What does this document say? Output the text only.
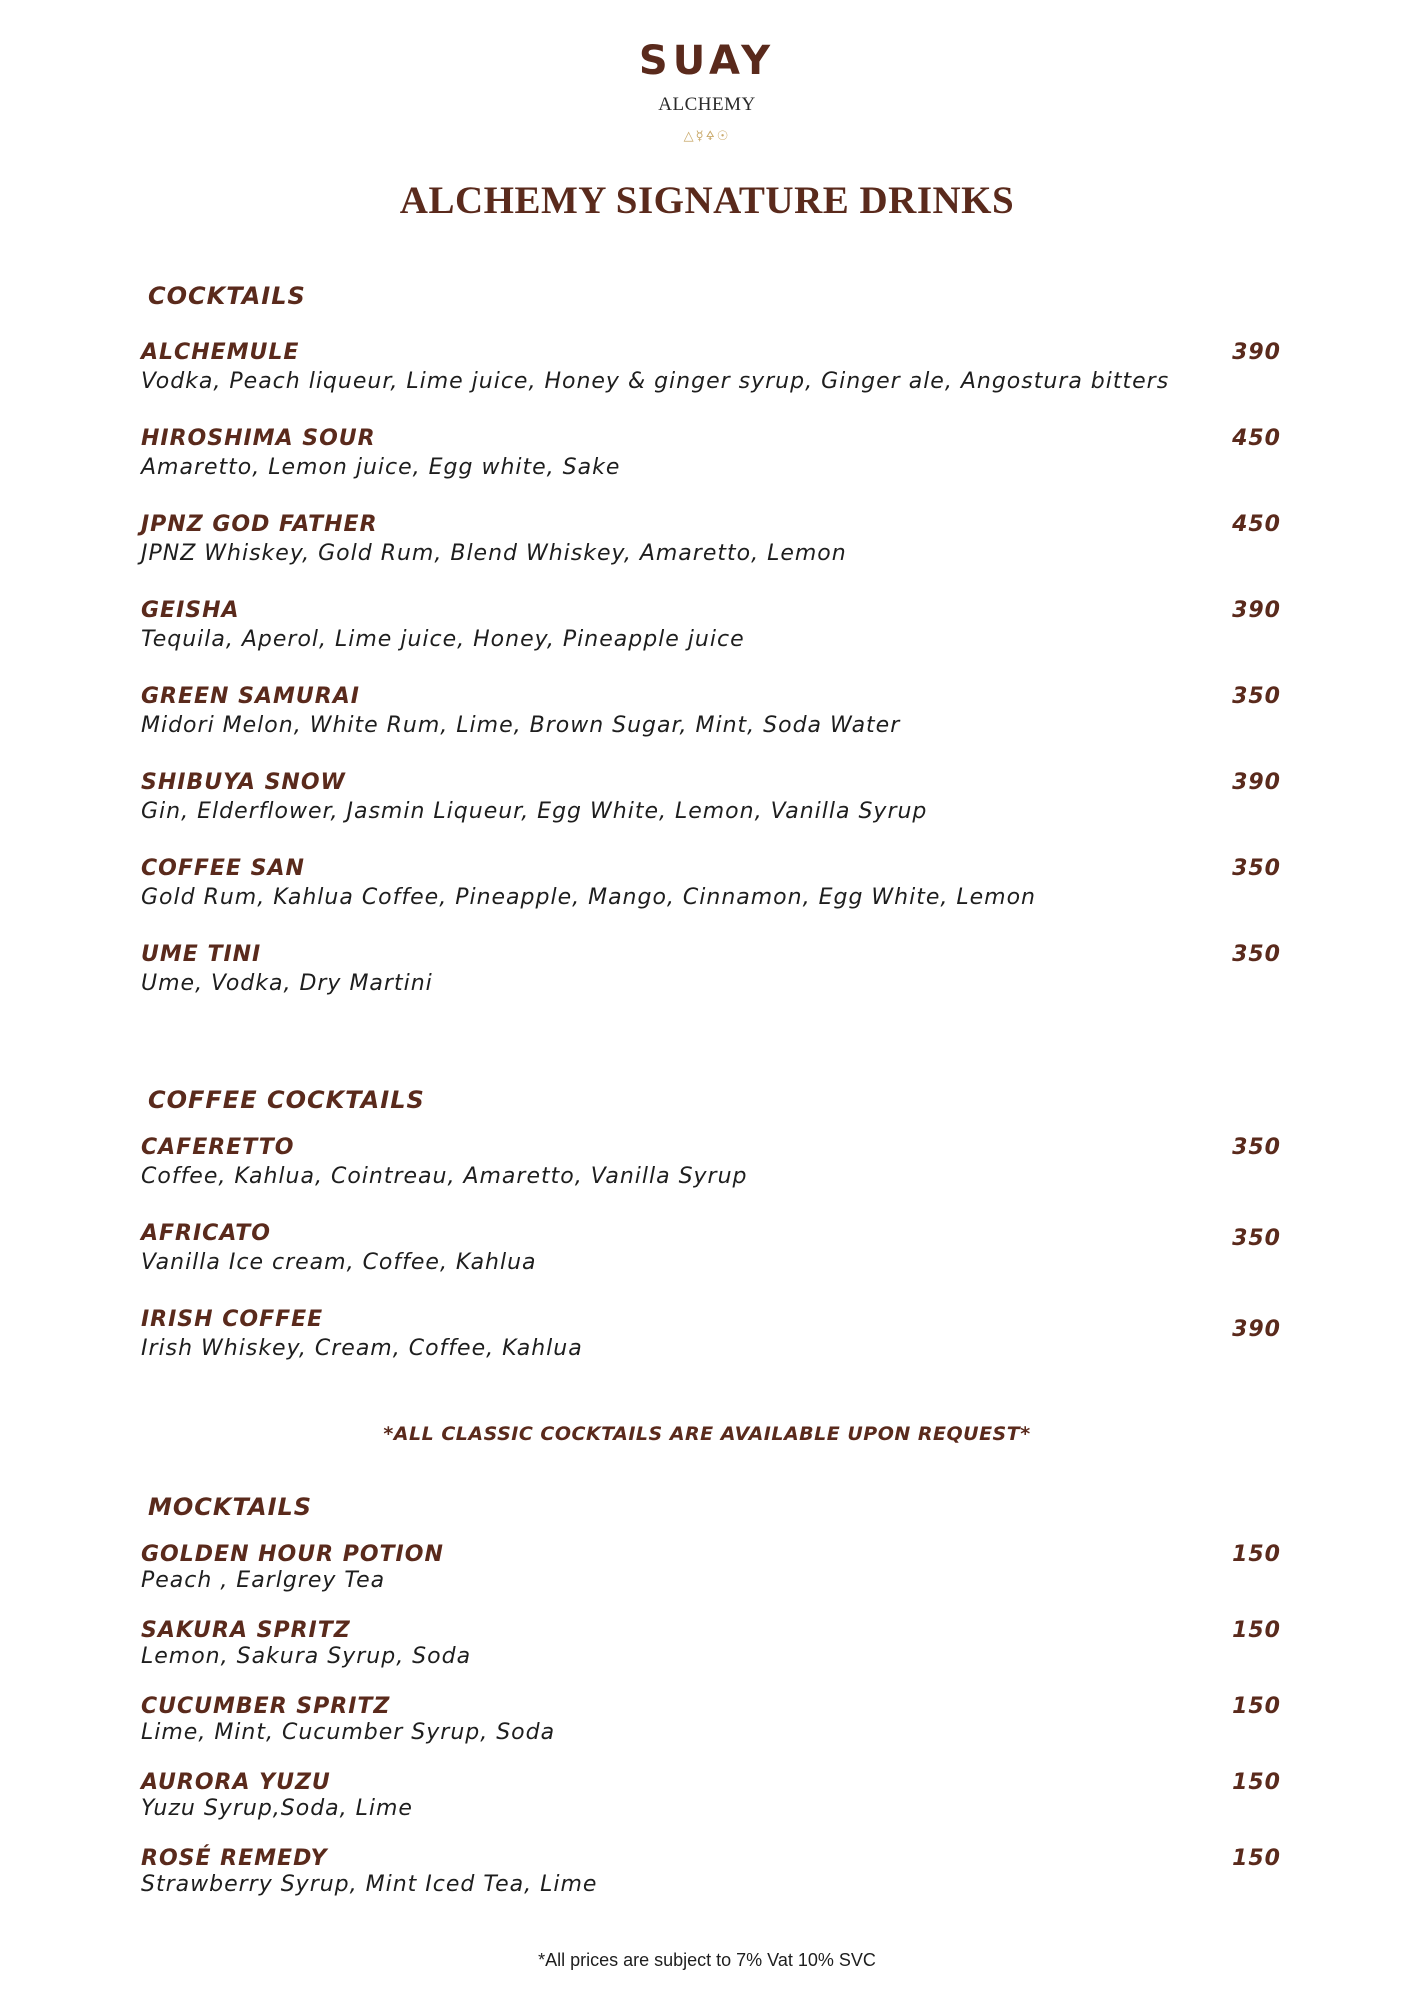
SUAY
ALCHEMY
△☿🜍☉
ALCHEMY SIGNATURE DRINKS
COCKTAILS
ALCHEMULE	390
Vodka, Peach liqueur, Lime juice, Honey & ginger syrup, Ginger ale, Angostura bitters
HIROSHIMA SOUR	450
Amaretto, Lemon juice, Egg white, Sake
JPNZ GOD FATHER	450
JPNZ Whiskey, Gold Rum, Blend Whiskey, Amaretto, Lemon
GEISHA	390
Tequila, Aperol, Lime juice, Honey, Pineapple juice
GREEN SAMURAI	350
Midori Melon, White Rum, Lime, Brown Sugar, Mint, Soda Water
SHIBUYA SNOW	390
Gin, Elderflower, Jasmin Liqueur, Egg White, Lemon, Vanilla Syrup
COFFEE SAN	350
Gold Rum, Kahlua Coffee, Pineapple, Mango, Cinnamon, Egg White, Lemon
UME TINI	350
Ume, Vodka, Dry Martini
COFFEE COCKTAILS
CAFERETTO	350
Coffee, Kahlua, Cointreau, Amaretto, Vanilla Syrup
AFRICATO	350
Vanilla Ice cream, Coffee, Kahlua
IRISH COFFEE	390
Irish Whiskey, Cream, Coffee, Kahlua
*ALL CLASSIC COCKTAILS ARE AVAILABLE UPON REQUEST*
MOCKTAILS
GOLDEN HOUR POTION	150
Peach , Earlgrey Tea
SAKURA SPRITZ	150
Lemon, Sakura Syrup, Soda
CUCUMBER SPRITZ	150
Lime, Mint, Cucumber Syrup, Soda
AURORA YUZU	150
Yuzu Syrup,Soda, Lime
ROSÉ REMEDY	150
Strawberry Syrup, Mint Iced Tea, Lime
*All prices are subject to 7% Vat 10% SVC
